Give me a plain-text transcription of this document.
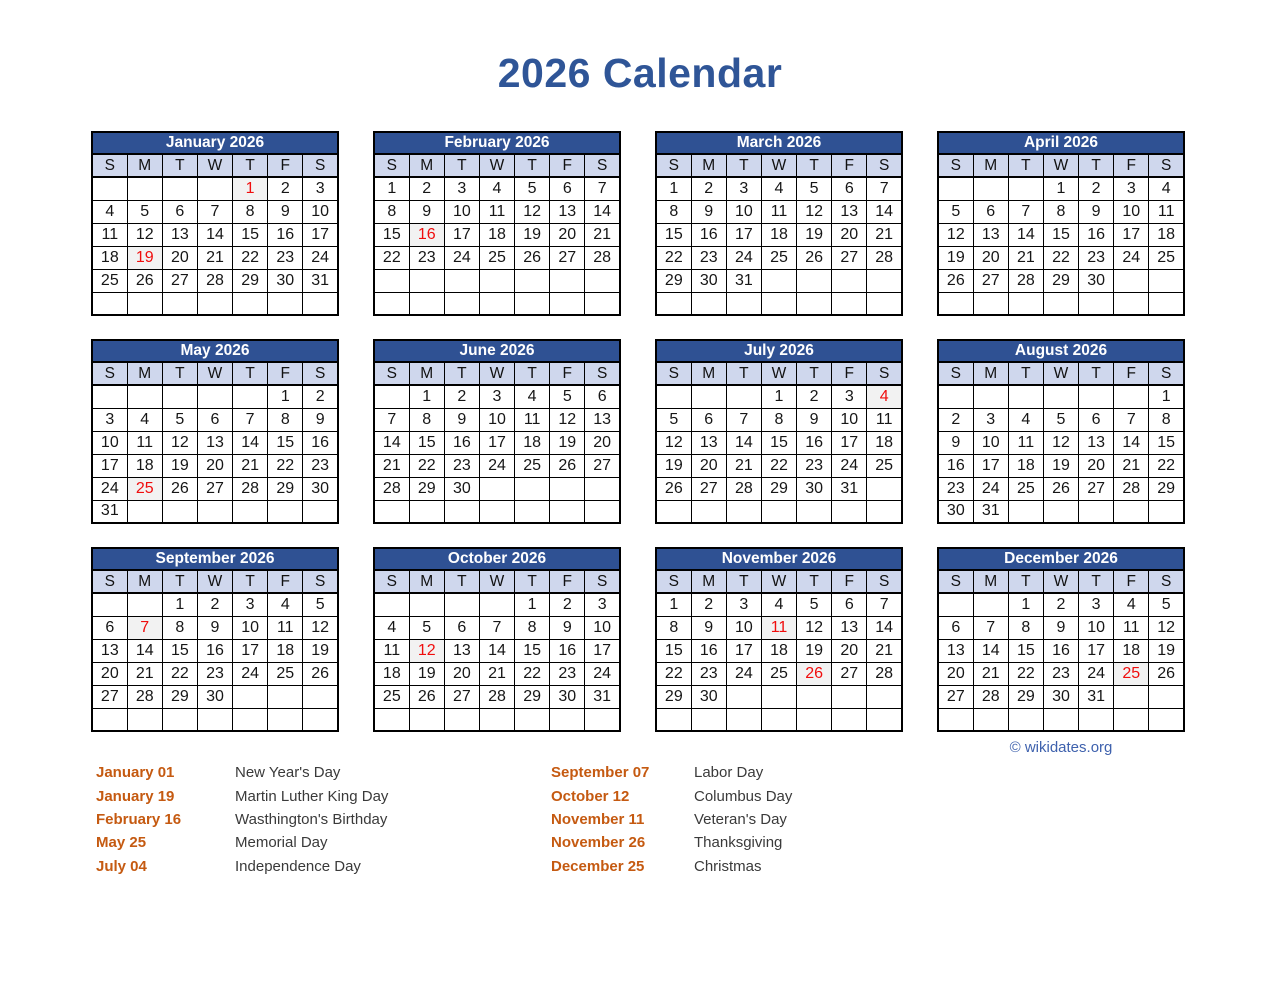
2026 Calendar
January 2026						
S	M	T	W	T	F	S
				1	2	3
4	5	6	7	8	9	10
11	12	13	14	15	16	17
18	19	20	21	22	23	24
25	26	27	28	29	30	31

February 2026						
S	M	T	W	T	F	S
1	2	3	4	5	6	7
8	9	10	11	12	13	14
15	16	17	18	19	20	21
22	23	24	25	26	27	28

March 2026						
S	M	T	W	T	F	S
1	2	3	4	5	6	7
8	9	10	11	12	13	14
15	16	17	18	19	20	21
22	23	24	25	26	27	28
29	30	31				

April 2026						
S	M	T	W	T	F	S
			1	2	3	4
5	6	7	8	9	10	11
12	13	14	15	16	17	18
19	20	21	22	23	24	25
26	27	28	29	30		

May 2026						
S	M	T	W	T	F	S
					1	2
3	4	5	6	7	8	9
10	11	12	13	14	15	16
17	18	19	20	21	22	23
24	25	26	27	28	29	30
31						
June 2026						
S	M	T	W	T	F	S
	1	2	3	4	5	6
7	8	9	10	11	12	13
14	15	16	17	18	19	20
21	22	23	24	25	26	27
28	29	30				

July 2026						
S	M	T	W	T	F	S
			1	2	3	4
5	6	7	8	9	10	11
12	13	14	15	16	17	18
19	20	21	22	23	24	25
26	27	28	29	30	31	

August 2026						
S	M	T	W	T	F	S
						1
2	3	4	5	6	7	8
9	10	11	12	13	14	15
16	17	18	19	20	21	22
23	24	25	26	27	28	29
30	31					
September 2026						
S	M	T	W	T	F	S
		1	2	3	4	5
6	7	8	9	10	11	12
13	14	15	16	17	18	19
20	21	22	23	24	25	26
27	28	29	30			

October 2026						
S	M	T	W	T	F	S
				1	2	3
4	5	6	7	8	9	10
11	12	13	14	15	16	17
18	19	20	21	22	23	24
25	26	27	28	29	30	31

November 2026						
S	M	T	W	T	F	S
1	2	3	4	5	6	7
8	9	10	11	12	13	14
15	16	17	18	19	20	21
22	23	24	25	26	27	28
29	30					

December 2026						
S	M	T	W	T	F	S
		1	2	3	4	5
6	7	8	9	10	11	12
13	14	15	16	17	18	19
20	21	22	23	24	25	26
27	28	29	30	31		

© wikidates.org
January 01	New Year's Day
January 19	Martin Luther King Day
February 16	Wasthington's Birthday
May 25	Memorial Day
July 04	Independence Day
September 07	Labor Day
October 12	Columbus Day
November 11	Veteran's Day
November 26	Thanksgiving
December 25	Christmas
